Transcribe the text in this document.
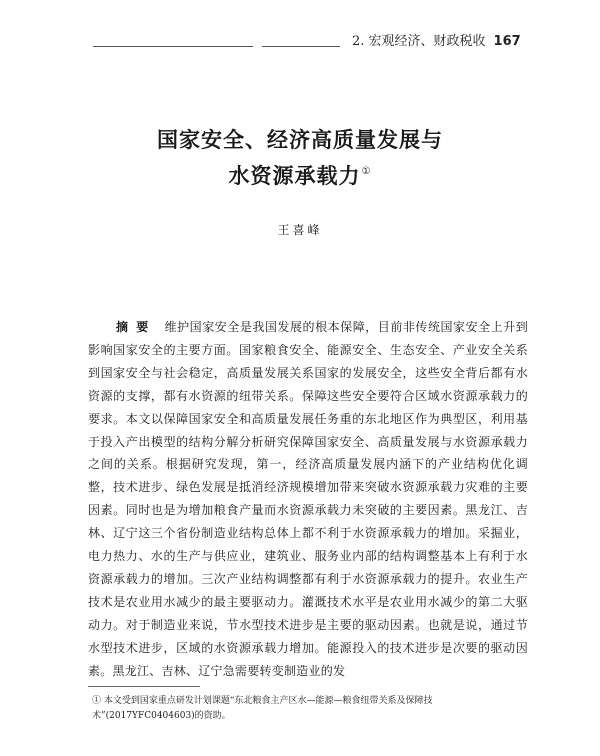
2. 宏观经济、财政税收 167
国家安全、经济高质量发展与
水资源承载力①
王喜峰
摘要 维护国家安全是我国发展的根本保障，目前非传统国家安全上升到影响国家安全的主要方面。国家粮食安全、能源安全、生态安全、产业安全关系到国家安全与社会稳定，高质量发展关系国家的发展安全，这些安全背后都有水资源的支撑，都有水资源的纽带关系。保障这些安全要符合区域水资源承载力的要求。本文以保障国家安全和高质量发展任务重的东北地区作为典型区，利用基于投入产出模型的结构分解分析研究保障国家安全、高质量发展与水资源承载力之间的关系。根据研究发现，第一，经济高质量发展内涵下的产业结构优化调整，技术进步、绿色发展是抵消经济规模增加带来突破水资源承载力灾难的主要因素。同时也是为增加粮食产量而水资源承载力未突破的主要因素。黑龙江、吉林、辽宁这三个省份制造业结构总体上都不利于水资源承载力的增加。采掘业，电力热力、水的生产与供应业，建筑业、服务业内部的结构调整基本上有利于水资源承载力的增加。三次产业结构调整都有利于水资源承载力的提升。农业生产技术是农业用水减少的最主要驱动力。灌溉技术水平是农业用水减少的第二大驱动力。对于制造业来说，节水型技术进步是主要的驱动因素。也就是说，通过节水型技术进步，区域的水资源承载力增加。能源投入的技术进步是次要的驱动因素。黑龙江、吉林、辽宁急需要转变制造业的发
① 本文受到国家重点研发计划课题“东北粮食主产区水—能源—粮食纽带关系及保障技术”(2017YFC0404603)的资助。
